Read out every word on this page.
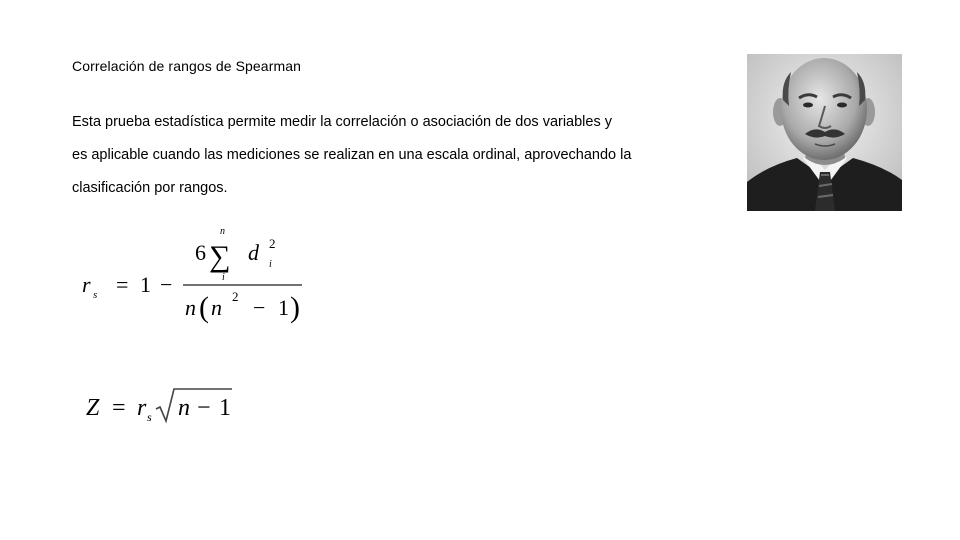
Correlación de rangos de Spearman

Esta prueba estadística permite medir la correlación o asociación de dos variables y
es aplicable cuando las mediciones se realizan en una escala ordinal, aprovechando la
clasificación por rangos.

r s = 1 −
6 ∑
n
i
d 2
i
n ( n 2 − 1 )
Z = r s n − 1
